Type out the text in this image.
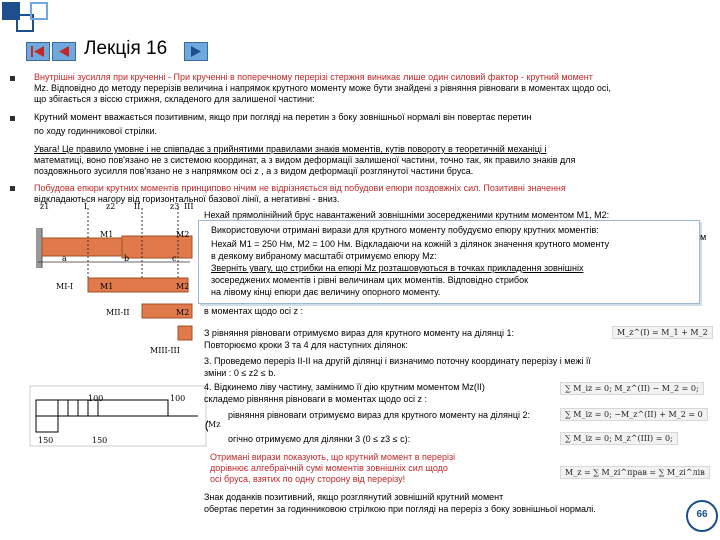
Лекція 16
Внутрішні зусилля при крученні - При крученні в поперечному перерізі стержня виникає лише один силовий фактор - крутний момент
Mz. Відповідно до методу перерізів величина і напрямок крутного моменту може бути знайдені з рівняння рівноваги в моментах щодо осі,
що збігається з віссю стрижня, складеного для залишеної частини:
Крутний момент вважається позитивним, якщо при погляді на перетин з боку зовнішньої нормалі він повертає перетин
по ходу годинникової стрілки.
Увага! Це правило умовне і не співпадає з прийнятими правилами знаків моментів, кутів повороту в теоретичній механіці і
математиці, воно пов'язано не з системою координат, а з видом деформації залишеної частини, точно так, як правило знаків для
поздовжнього зусилля пов'язано не з напрямком осі z , а з видом деформації розглянутої частини бруса.
Побудова епюри крутних моментів принципово нічим не відрізняється від побудови епюри поздовжніх сил. Позитивні значення
відкладаються нагору від горизонтальної базової лінії, а негативні - вниз.
z1	I z2 II	z3 III
M1	M2
a	b	c
MI-I	M1	M2
MII-II	M2
MIII-III
100	100
150	150
Mz
Нехай прямолінійний брус навантажений зовнішніми зосередженими крутним моментом M1, M2:
Використовуючи отримані вирази для крутного моменту побудуємо епюру крутних моментів:
Нехай M1 = 250 Нм, M2 = 100 Нм. Відкладаючи на кожній з ділянок значення крутного моменту
в деякому вибраному масштабі отримуємо епюру Mz:
Зверніть увагу, що стрибки на епюрі Mz розташовуються в точках прикладення зовнішніх
зосереджених моментів і рівні величинам цих моментів. Відповідно стрибок
на лівому кінці епюри дає величину опорного моменту.
м
в моментах щодо осі z :
З рівняння рівноваги отримуємо вираз для крутного моменту на ділянці 1:
Повторюємо кроки 3 та 4 для наступних ділянок:
M_z^(I) = M_1 + M_2
3. Проведемо переріз II-II на другій ділянці і визначимо поточну координату перерізу і межі її
зміни : 0 ≤ z2 ≤ b.
4. Відкинемо ліву частину, замінимо її дію крутним моментом Mz(II)
складемо рівняння рівноваги в моментах щодо осі z :
∑ M_iz = 0; M_z^(II) − M_2 = 0;
рівняння рівноваги отримуємо вираз для крутного моменту на ділянці 2:	∑ M_iz = 0; −M_z^(II) + M_2 = 0
огічно отримуємо для ділянки 3 (0 ≤ z3 ≤ c):	∑ M_iz = 0; M_z^(III) = 0;
Отримані вирази показують, що крутний момент в перерізі
дорівнює алгебраїчній сумі моментів зовнішніх сил щодо
осі бруса, взятих по одну сторону від перерізу!
M_z = ∑ M_zi^прав = ∑ M_zi^лів
Знак доданків позитивний, якщо розглянутий зовнішній крутний момент
обертає перетин за годинниковою стрілкою при погляді на переріз з боку зовнішньої нормалі.	66
